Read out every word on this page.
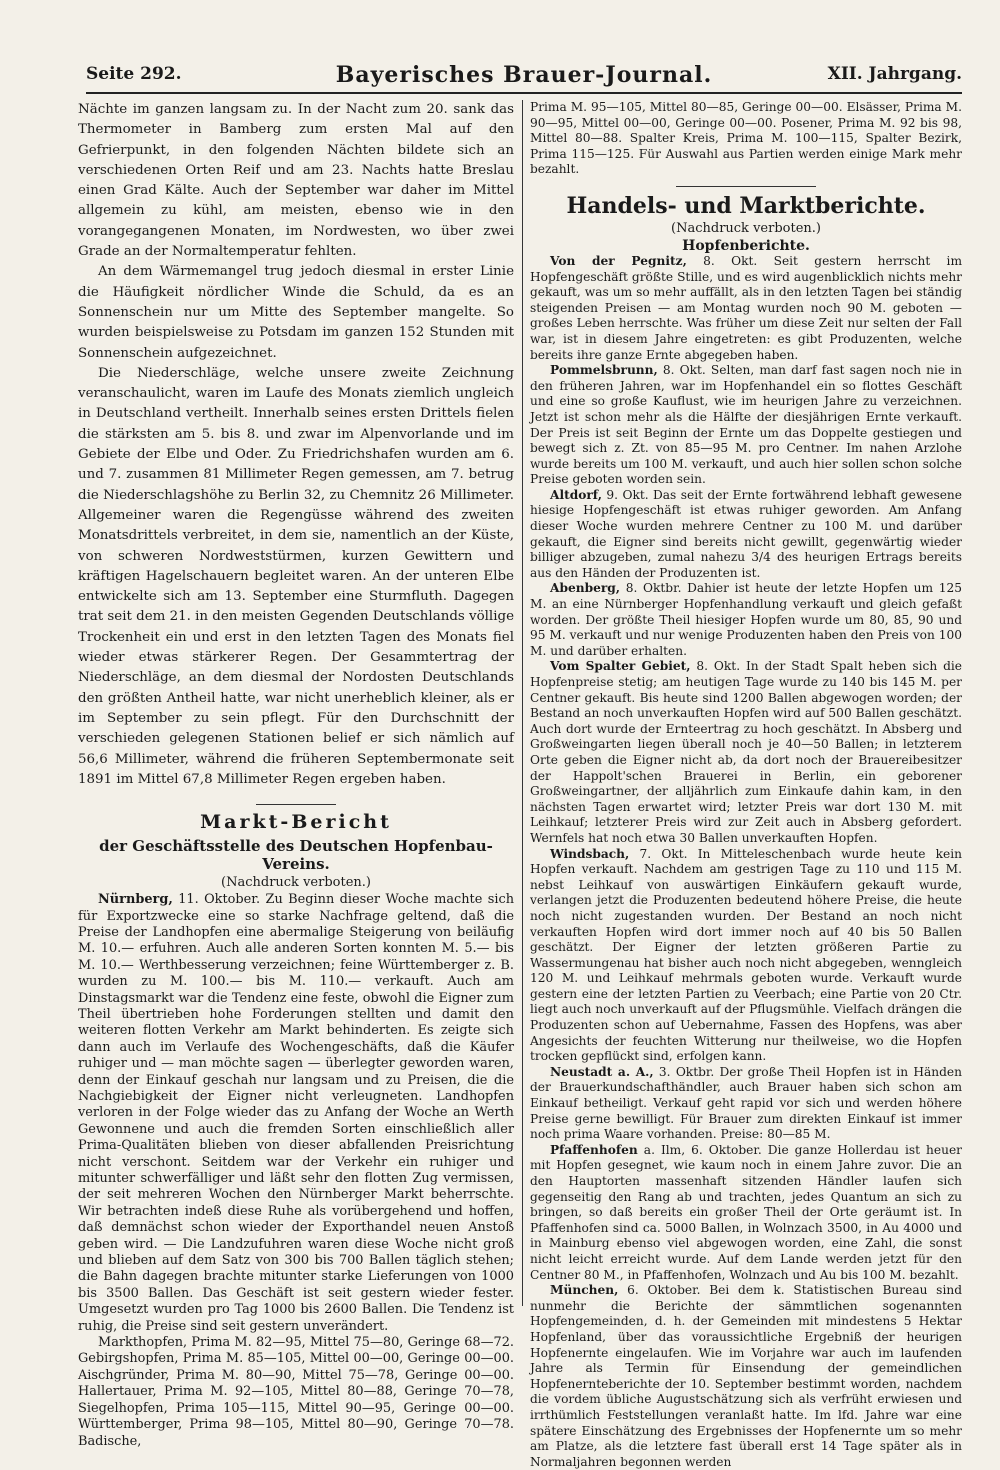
Seite 292.	Bayerisches Brauer-Journal.	XII. Jahrgang.

Nächte im ganzen langsam zu. In der Nacht zum 20. sank das Thermometer in Bamberg zum ersten Mal auf den Gefrierpunkt, in den folgenden Nächten bildete sich an verschiedenen Orten Reif und am 23. Nachts hatte Breslau einen Grad Kälte. Auch der September war daher im Mittel allgemein zu kühl, am meisten, ebenso wie in den vorangegangenen Monaten, im Nordwesten, wo über zwei Grade an der Normaltemperatur fehlten.

An dem Wärmemangel trug jedoch diesmal in erster Linie die Häufigkeit nördlicher Winde die Schuld, da es an Sonnenschein nur um Mitte des September mangelte. So wurden beispielsweise zu Potsdam im ganzen 152 Stunden mit Sonnenschein aufgezeichnet.

Die Niederschläge, welche unsere zweite Zeichnung veranschaulicht, waren im Laufe des Monats ziemlich ungleich in Deutschland vertheilt. Innerhalb seines ersten Drittels fielen die stärksten am 5. bis 8. und zwar im Alpenvorlande und im Gebiete der Elbe und Oder. Zu Friedrichshafen wurden am 6. und 7. zusammen 81 Millimeter Regen gemessen, am 7. betrug die Niederschlagshöhe zu Berlin 32, zu Chemnitz 26 Millimeter. Allgemeiner waren die Regengüsse während des zweiten Monatsdrittels verbreitet, in dem sie, namentlich an der Küste, von schweren Nordweststürmen, kurzen Gewittern und kräftigen Hagelschauern begleitet waren. An der unteren Elbe entwickelte sich am 13. September eine Sturmfluth. Dagegen trat seit dem 21. in den meisten Gegenden Deutschlands völlige Trockenheit ein und erst in den letzten Tagen des Monats fiel wieder etwas stärkerer Regen. Der Gesammtertrag der Niederschläge, an dem diesmal der Nordosten Deutschlands den größten Antheil hatte, war nicht unerheblich kleiner, als er im September zu sein pflegt. Für den Durchschnitt der verschieden gelegenen Stationen belief er sich nämlich auf 56,6 Millimeter, während die früheren Septembermonate seit 1891 im Mittel 67,8 Millimeter Regen ergeben haben.

Markt-Bericht
der Geschäftsstelle des Deutschen Hopfenbau-Vereins.
(Nachdruck verboten.)

Nürnberg, 11. Oktober. Zu Beginn dieser Woche machte sich für Exportzwecke eine so starke Nachfrage geltend, daß die Preise der Landhopfen eine abermalige Steigerung von beiläufig M. 10.— erfuhren. Auch alle anderen Sorten konnten M. 5.— bis M. 10.— Werthbesserung verzeichnen; feine Württemberger z. B. wurden zu M. 100.— bis M. 110.— verkauft. Auch am Dinstagsmarkt war die Tendenz eine feste, obwohl die Eigner zum Theil übertrieben hohe Forderungen stellten und damit den weiteren flotten Verkehr am Markt behinderten. Es zeigte sich dann auch im Verlaufe des Wochengeschäfts, daß die Käufer ruhiger und — man möchte sagen — überlegter geworden waren, denn der Einkauf geschah nur langsam und zu Preisen, die die Nachgiebigkeit der Eigner nicht verleugneten. Landhopfen verloren in der Folge wieder das zu Anfang der Woche an Werth Gewonnene und auch die fremden Sorten einschließlich aller Prima-Qualitäten blieben von dieser abfallenden Preisrichtung nicht verschont. Seitdem war der Verkehr ein ruhiger und mitunter schwerfälliger und läßt sehr den flotten Zug vermissen, der seit mehreren Wochen den Nürnberger Markt beherrschte. Wir betrachten indeß diese Ruhe als vorübergehend und hoffen, daß demnächst schon wieder der Exporthandel neuen Anstoß geben wird. — Die Landzufuhren waren diese Woche nicht groß und blieben auf dem Satz von 300 bis 700 Ballen täglich stehen; die Bahn dagegen brachte mitunter starke Lieferungen von 1000 bis 3500 Ballen. Das Geschäft ist seit gestern wieder fester. Umgesetzt wurden pro Tag 1000 bis 2600 Ballen. Die Tendenz ist ruhig, die Preise sind seit gestern unverändert.

Markthopfen, Prima M. 82—95, Mittel 75—80, Geringe 68—72. Gebirgshopfen, Prima M. 85—105, Mittel 00—00, Geringe 00—00. Aischgründer, Prima M. 80—90, Mittel 75—78, Geringe 00—00. Hallertauer, Prima M. 92—105, Mittel 80—88, Geringe 70—78, Siegelhopfen, Prima 105—115, Mittel 90—95, Geringe 00—00. Württemberger, Prima 98—105, Mittel 80—90, Geringe 70—78. Badische,

Prima M. 95—105, Mittel 80—85, Geringe 00—00. Elsässer, Prima M. 90—95, Mittel 00—00, Geringe 00—00. Posener, Prima M. 92 bis 98, Mittel 80—88. Spalter Kreis, Prima M. 100—115, Spalter Bezirk, Prima 115—125. Für Auswahl aus Partien werden einige Mark mehr bezahlt.

Handels- und Marktberichte.
(Nachdruck verboten.)
Hopfenberichte.

Von der Pegnitz, 8. Okt. Seit gestern herrscht im Hopfengeschäft größte Stille, und es wird augenblicklich nichts mehr gekauft, was um so mehr auffällt, als in den letzten Tagen bei ständig steigenden Preisen — am Montag wurden noch 90 M. geboten — großes Leben herrschte. Was früher um diese Zeit nur selten der Fall war, ist in diesem Jahre eingetreten: es gibt Produzenten, welche bereits ihre ganze Ernte abgegeben haben.

Pommelsbrunn, 8. Okt. Selten, man darf fast sagen noch nie in den früheren Jahren, war im Hopfenhandel ein so flottes Geschäft und eine so große Kauflust, wie im heurigen Jahre zu verzeichnen. Jetzt ist schon mehr als die Hälfte der diesjährigen Ernte verkauft. Der Preis ist seit Beginn der Ernte um das Doppelte gestiegen und bewegt sich z. Zt. von 85—95 M. pro Centner. Im nahen Arzlohe wurde bereits um 100 M. verkauft, und auch hier sollen schon solche Preise geboten worden sein.

Altdorf, 9. Okt. Das seit der Ernte fortwährend lebhaft gewesene hiesige Hopfengeschäft ist etwas ruhiger geworden. Am Anfang dieser Woche wurden mehrere Centner zu 100 M. und darüber gekauft, die Eigner sind bereits nicht gewillt, gegenwärtig wieder billiger abzugeben, zumal nahezu 3/4 des heurigen Ertrags bereits aus den Händen der Produzenten ist.

Abenberg, 8. Oktbr. Dahier ist heute der letzte Hopfen um 125 M. an eine Nürnberger Hopfenhandlung verkauft und gleich gefaßt worden. Der größte Theil hiesiger Hopfen wurde um 80, 85, 90 und 95 M. verkauft und nur wenige Produzenten haben den Preis von 100 M. und darüber erhalten.

Vom Spalter Gebiet, 8. Okt. In der Stadt Spalt heben sich die Hopfenpreise stetig; am heutigen Tage wurde zu 140 bis 145 M. per Centner gekauft. Bis heute sind 1200 Ballen abgewogen worden; der Bestand an noch unverkauften Hopfen wird auf 500 Ballen geschätzt. Auch dort wurde der Ernteertrag zu hoch geschätzt. In Absberg und Großweingarten liegen überall noch je 40—50 Ballen; in letzterem Orte geben die Eigner nicht ab, da dort noch der Brauereibesitzer der Happolt'schen Brauerei in Berlin, ein geborener Großweingartner, der alljährlich zum Einkaufe dahin kam, in den nächsten Tagen erwartet wird; letzter Preis war dort 130 M. mit Leihkauf; letzterer Preis wird zur Zeit auch in Absberg gefordert. Wernfels hat noch etwa 30 Ballen unverkauften Hopfen.

Windsbach, 7. Okt. In Mitteleschenbach wurde heute kein Hopfen verkauft. Nachdem am gestrigen Tage zu 110 und 115 M. nebst Leihkauf von auswärtigen Einkäufern gekauft wurde, verlangen jetzt die Produzenten bedeutend höhere Preise, die heute noch nicht zugestanden wurden. Der Bestand an noch nicht verkauften Hopfen wird dort immer noch auf 40 bis 50 Ballen geschätzt. Der Eigner der letzten größeren Partie zu Wassermungenau hat bisher auch noch nicht abgegeben, wenngleich 120 M. und Leihkauf mehrmals geboten wurde. Verkauft wurde gestern eine der letzten Partien zu Veerbach; eine Partie von 20 Ctr. liegt auch noch unverkauft auf der Pflugsmühle. Vielfach drängen die Produzenten schon auf Uebernahme, Fassen des Hopfens, was aber Angesichts der feuchten Witterung nur theilweise, wo die Hopfen trocken gepflückt sind, erfolgen kann.

Neustadt a. A., 3. Oktbr. Der große Theil Hopfen ist in Händen der Brauerkundschafthändler, auch Brauer haben sich schon am Einkauf betheiligt. Verkauf geht rapid vor sich und werden höhere Preise gerne bewilligt. Für Brauer zum direkten Einkauf ist immer noch prima Waare vorhanden. Preise: 80—85 M.

Pfaffenhofen a. Ilm, 6. Oktober. Die ganze Hollerdau ist heuer mit Hopfen gesegnet, wie kaum noch in einem Jahre zuvor. Die an den Hauptorten massenhaft sitzenden Händler laufen sich gegenseitig den Rang ab und trachten, jedes Quantum an sich zu bringen, so daß bereits ein großer Theil der Orte geräumt ist. In Pfaffenhofen sind ca. 5000 Ballen, in Wolnzach 3500, in Au 4000 und in Mainburg ebenso viel abgewogen worden, eine Zahl, die sonst nicht leicht erreicht wurde. Auf dem Lande werden jetzt für den Centner 80 M., in Pfaffenhofen, Wolnzach und Au bis 100 M. bezahlt.

München, 6. Oktober. Bei dem k. Statistischen Bureau sind nunmehr die Berichte der sämmtlichen sogenannten Hopfengemeinden, d. h. der Gemeinden mit mindestens 5 Hektar Hopfenland, über das voraussichtliche Ergebniß der heurigen Hopfenernte eingelaufen. Wie im Vorjahre war auch im laufenden Jahre als Termin für Einsendung der gemeindlichen Hopfenernteberichte der 10. September bestimmt worden, nachdem die vordem übliche Augustschätzung sich als verfrüht erwiesen und irrthümlich Feststellungen veranlaßt hatte. Im lfd. Jahre war eine spätere Einschätzung des Ergebnisses der Hopfenernte um so mehr am Platze, als die letztere fast überall erst 14 Tage später als in Normaljahren begonnen werden
